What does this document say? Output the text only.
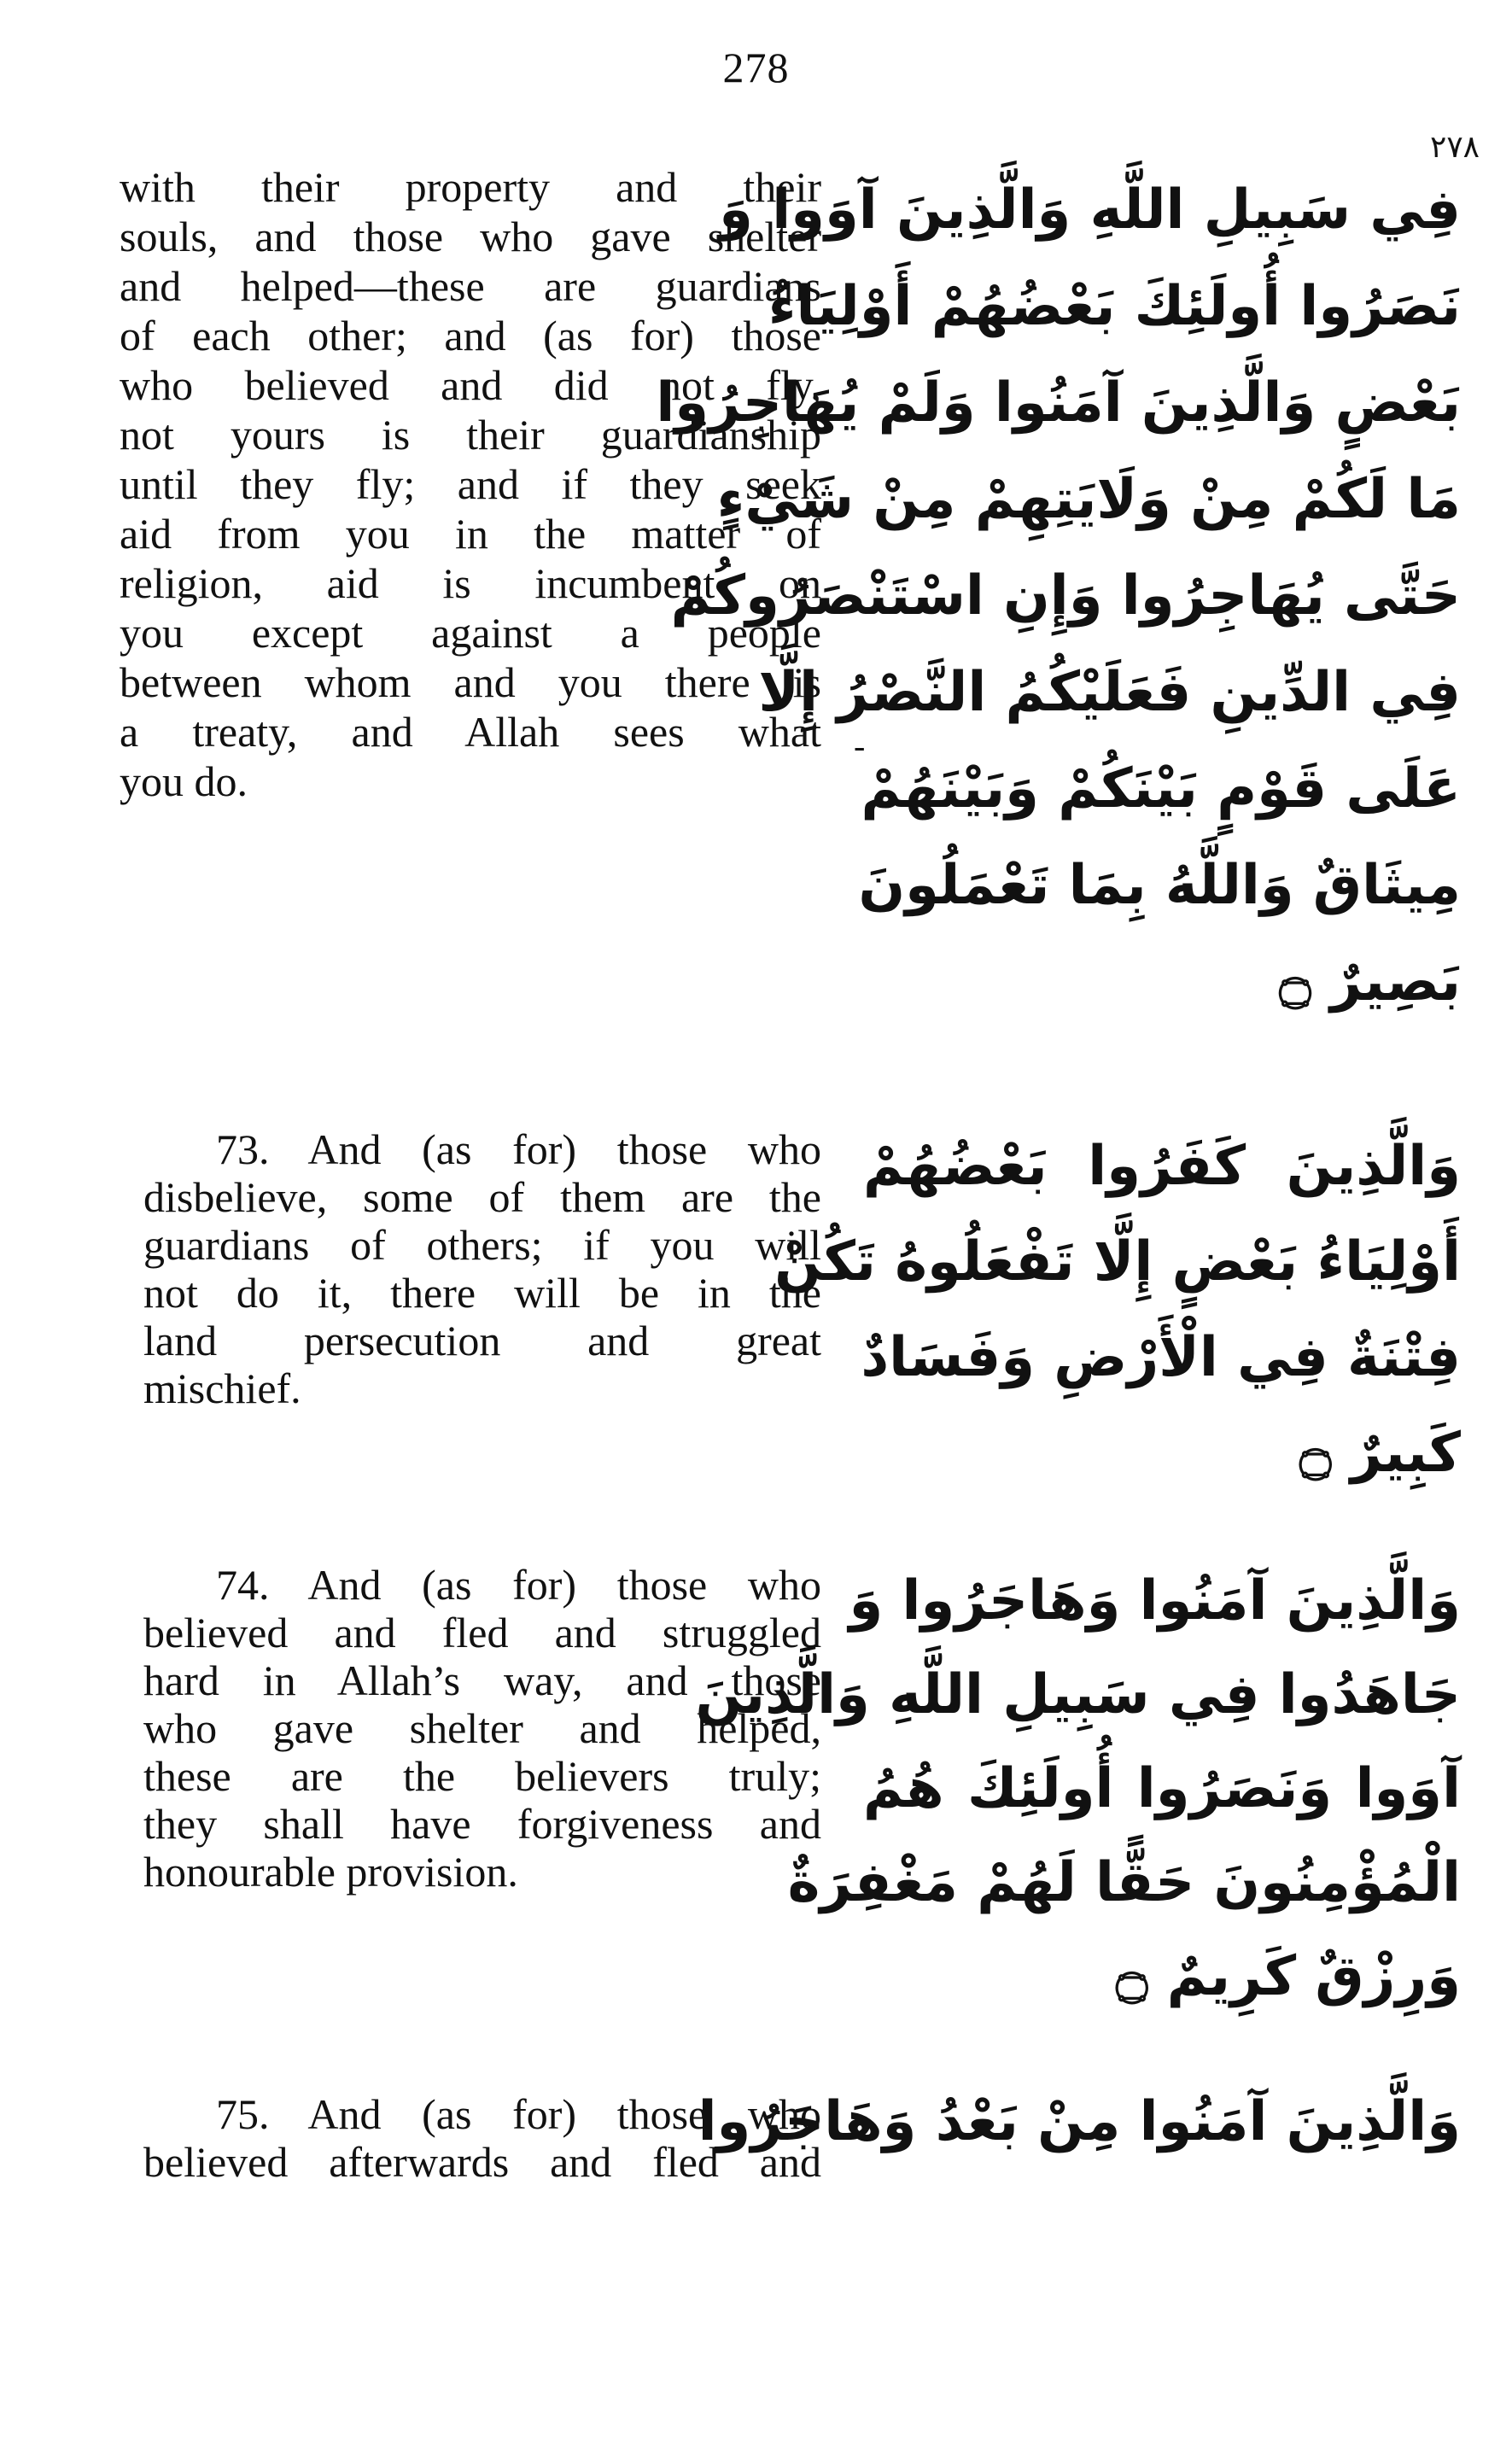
278
٢٧٨
-
with their property and their
souls, and those who gave shelter
and helped—these are guardians
of each other; and (as for) those
who believed and did not fly,
not yours is their guardianship
until they fly; and if they seek
aid from you in the matter of
religion, aid is incumbent on
you except against a people
between whom and you there is
a treaty, and Allah sees what
you do.
فِي سَبِيلِ اللَّهِ وَالَّذِينَ آوَوا وَ
نَصَرُوا أُولَئِكَ بَعْضُهُمْ أَوْلِيَاءُ
بَعْضٍ وَالَّذِينَ آمَنُوا وَلَمْ يُهَاجِرُوا
مَا لَكُمْ مِنْ وَلَايَتِهِمْ مِنْ شَيْءٍ
حَتَّى يُهَاجِرُوا وَإِنِ اسْتَنْصَرُوكُمْ
فِي الدِّينِ فَعَلَيْكُمُ النَّصْرُ إِلَّا
عَلَى قَوْمٍ بَيْنَكُمْ وَبَيْنَهُمْ
مِيثَاقٌ وَاللَّهُ بِمَا تَعْمَلُونَ
بَصِيرٌ ۝
73. And (as for) those who
disbelieve, some of them are the
guardians of others; if you will
not do it, there will be in the
land persecution and great
mischief.
وَالَّذِينَ كَفَرُوا بَعْضُهُمْ
أَوْلِيَاءُ بَعْضٍ إِلَّا تَفْعَلُوهُ تَكُنْ
فِتْنَةٌ فِي الْأَرْضِ وَفَسَادٌ
كَبِيرٌ ۝
74. And (as for) those who
believed and fled and struggled
hard in Allah’s way, and those
who gave shelter and helped,
these are the believers truly;
they shall have forgiveness and
honourable provision.
وَالَّذِينَ آمَنُوا وَهَاجَرُوا وَ
جَاهَدُوا فِي سَبِيلِ اللَّهِ وَالَّذِينَ
آوَوا وَنَصَرُوا أُولَئِكَ هُمُ
الْمُؤْمِنُونَ حَقًّا لَهُمْ مَغْفِرَةٌ
وَرِزْقٌ كَرِيمٌ ۝
75. And (as for) those who
believed afterwards and fled and
وَالَّذِينَ آمَنُوا مِنْ بَعْدُ وَهَاجَرُوا
